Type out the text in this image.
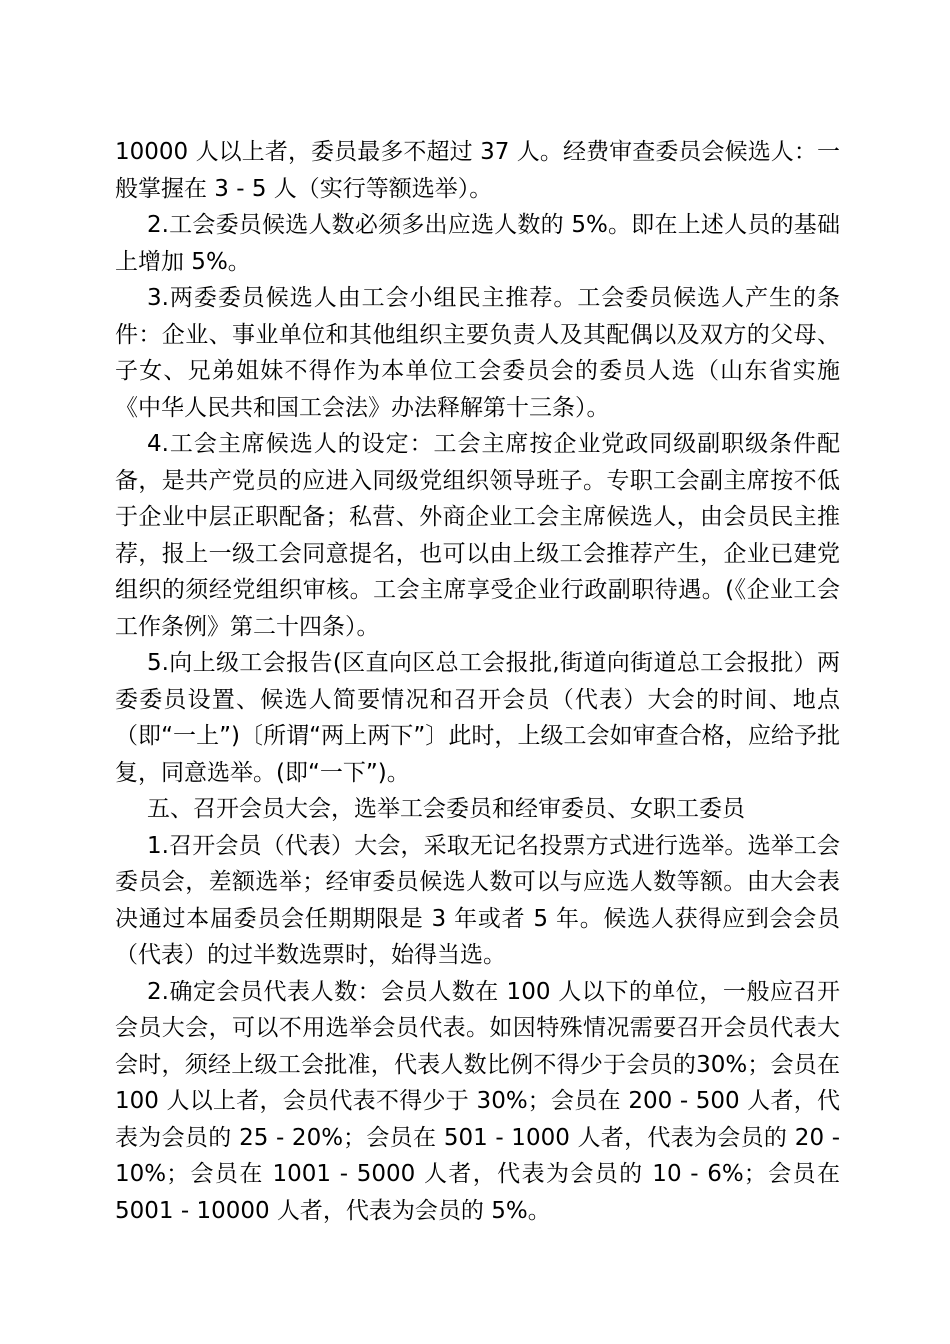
10000 人以上者，委员最多不超过 37 人。经费审查委员会候选人：一般掌握在 3 - 5 人（实行等额选举）。

2.工会委员候选人数必须多出应选人数的 5%。即在上述人员的基础上增加 5%。

3.两委委员候选人由工会小组民主推荐。工会委员候选人产生的条件：企业、事业单位和其他组织主要负责人及其配偶以及双方的父母、子女、兄弟姐妹不得作为本单位工会委员会的委员人选（山东省实施《中华人民共和国工会法》办法释解第十三条）。

4.工会主席候选人的设定：工会主席按企业党政同级副职级条件配备，是共产党员的应进入同级党组织领导班子。专职工会副主席按不低于企业中层正职配备；私营、外商企业工会主席候选人，由会员民主推荐，报上一级工会同意提名，也可以由上级工会推荐产生，企业已建党组织的须经党组织审核。工会主席享受企业行政副职待遇。(《企业工会工作条例》第二十四条）。

5.向上级工会报告(区直向区总工会报批,街道向街道总工会报批）两委委员设置、候选人简要情况和召开会员（代表）大会的时间、地点（即“一上”)〔所谓“两上两下”〕此时，上级工会如审查合格，应给予批复，同意选举。(即“一下”)。

五、召开会员大会，选举工会委员和经审委员、女职工委员

1.召开会员（代表）大会，采取无记名投票方式进行选举。选举工会委员会，差额选举；经审委员候选人数可以与应选人数等额。由大会表决通过本届委员会任期期限是 3 年或者 5 年。候选人获得应到会会员（代表）的过半数选票时，始得当选。

2.确定会员代表人数：会员人数在 100 人以下的单位，一般应召开会员大会，可以不用选举会员代表。如因特殊情况需要召开会员代表大会时，须经上级工会批准，代表人数比例不得少于会员的30%；会员在 100 人以上者，会员代表不得少于 30%；会员在 200 - 500 人者，代表为会员的 25 - 20%；会员在 501 - 1000 人者，代表为会员的 20 - 10%；会员在 1001 - 5000 人者，代表为会员的 10 - 6%；会员在 5001 - 10000 人者，代表为会员的 5%。
